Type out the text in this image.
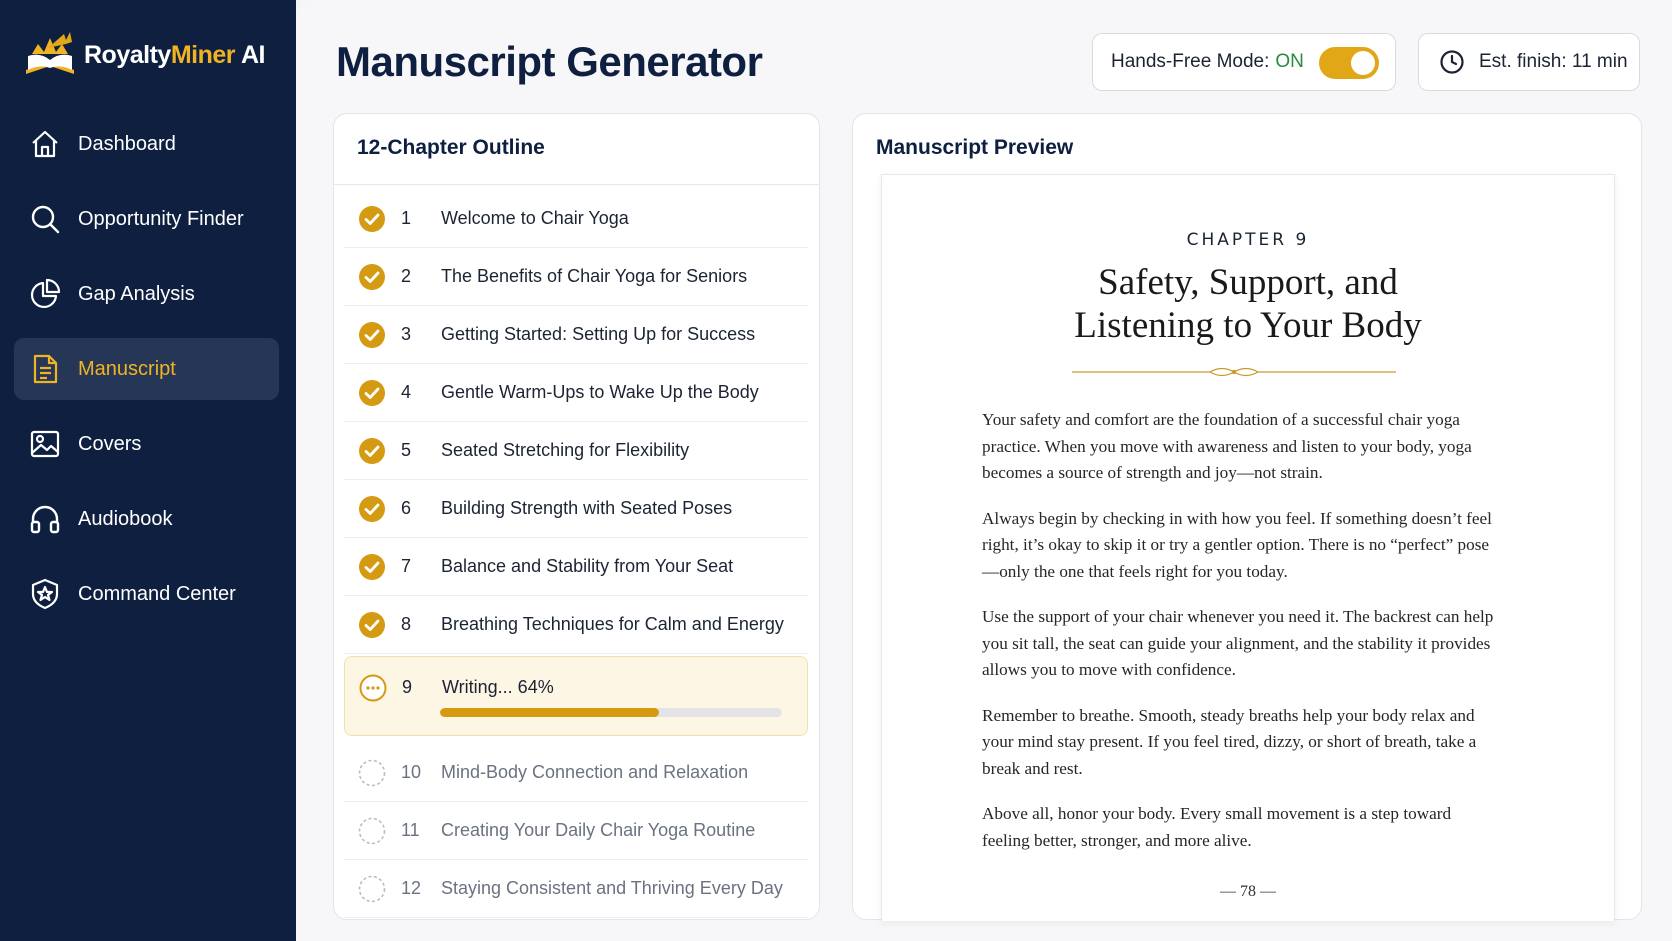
RoyaltyMiner AI
Dashboard
Opportunity Finder
Gap Analysis
Manuscript
Covers
Audiobook
Command Center
Manuscript Generator	Hands-Free Mode: ON	Est. finish: 11 min
12-Chapter Outline
1	Welcome to Chair Yoga
2	The Benefits of Chair Yoga for Seniors
3	Getting Started: Setting Up for Success
4	Gentle Warm-Ups to Wake Up the Body
5	Seated Stretching for Flexibility
6	Building Strength with Seated Poses
7	Balance and Stability from Your Seat
8	Breathing Techniques for Calm and Energy
9	Writing... 64%
10	Mind-Body Connection and Relaxation
11	Creating Your Daily Chair Yoga Routine
12	Staying Consistent and Thriving Every Day
Manuscript Preview
CHAPTER 9
Safety, Support, and
Listening to Your Body

Your safety and comfort are the foundation of a successful chair yoga practice. When you move with awareness and listen to your body, yoga becomes a source of strength and joy—not strain.

Always begin by checking in with how you feel. If something doesn’t feel right, it’s okay to skip it or try a gentler option. There is no “perfect” pose—only the one that feels right for you today.

Use the support of your chair whenever you need it. The backrest can help you sit tall, the seat can guide your alignment, and the stability it provides allows you to move with confidence.

Remember to breathe. Smooth, steady breaths help your body relax and your mind stay present. If you feel tired, dizzy, or short of breath, take a break and rest.

Above all, honor your body. Every small movement is a step toward feeling better, stronger, and more alive.

— 78 —
